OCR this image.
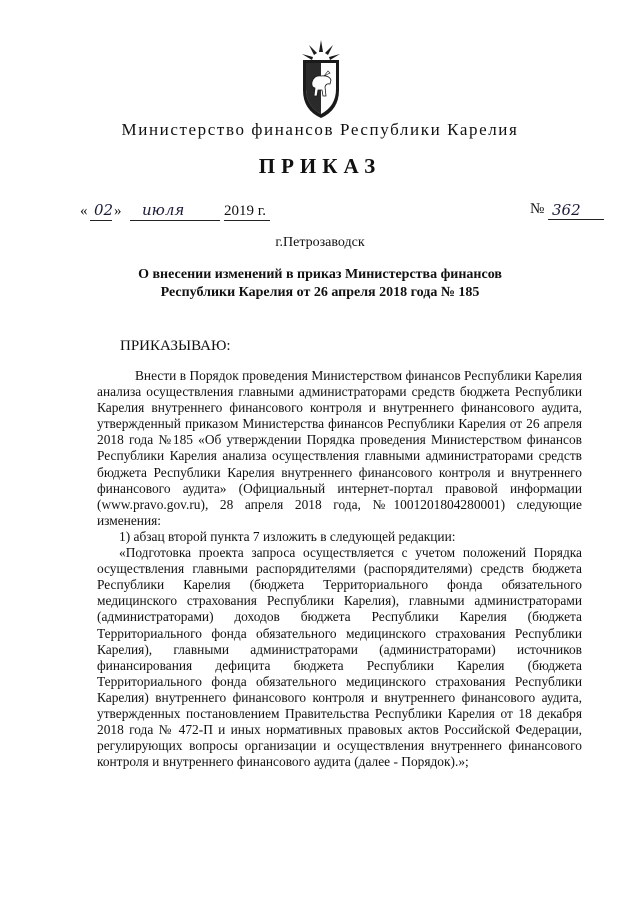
Министерство финансов Республики Карелия
ПРИКАЗ
« 02 » июля	2019 г.	№ 362
г.Петрозаводск
О внесении изменений в приказ Министерства финансов
Республики Карелия от 26 апреля 2018 года № 185
ПРИКАЗЫВАЮ:

Внести в Порядок проведения Министерством финансов Республики Карелия анализа осуществления главными администраторами средств бюджета Республики Карелия внутреннего финансового контроля и внутреннего финансового аудита, утвержденный приказом Министерства финансов Республики Карелия от 26 апреля 2018 года №185 «Об утверждении Порядка проведения Министерством финансов Республики Карелия анализа осуществления главными администраторами средств бюджета Республики Карелия внутреннего финансового контроля и внутреннего финансового аудита» (Официальный интернет-портал правовой информации (www.pravo.gov.ru), 28 апреля 2018 года, №1001201804280001) следующие изменения:

1) абзац второй пункта 7 изложить в следующей редакции:

«Подготовка проекта запроса осуществляется с учетом положений Порядка осуществления главными распорядителями (распорядителями) средств бюджета Республики Карелия (бюджета Территориального фонда обязательного медицинского страхования Республики Карелия), главными администраторами (администраторами) доходов бюджета Республики Карелия (бюджета Территориального фонда обязательного медицинского страхования Республики Карелия), главными администраторами (администраторами) источников финансирования дефицита бюджета Республики Карелия (бюджета Территориального фонда обязательного медицинского страхования Республики Карелия) внутреннего финансового контроля и внутреннего финансового аудита, утвержденных постановлением Правительства Республики Карелия от 18 декабря 2018 года № 472-П и иных нормативных правовых актов Российской Федерации, регулирующих вопросы организации и осуществления внутреннего финансового контроля и внутреннего финансового аудита (далее - Порядок).»;
